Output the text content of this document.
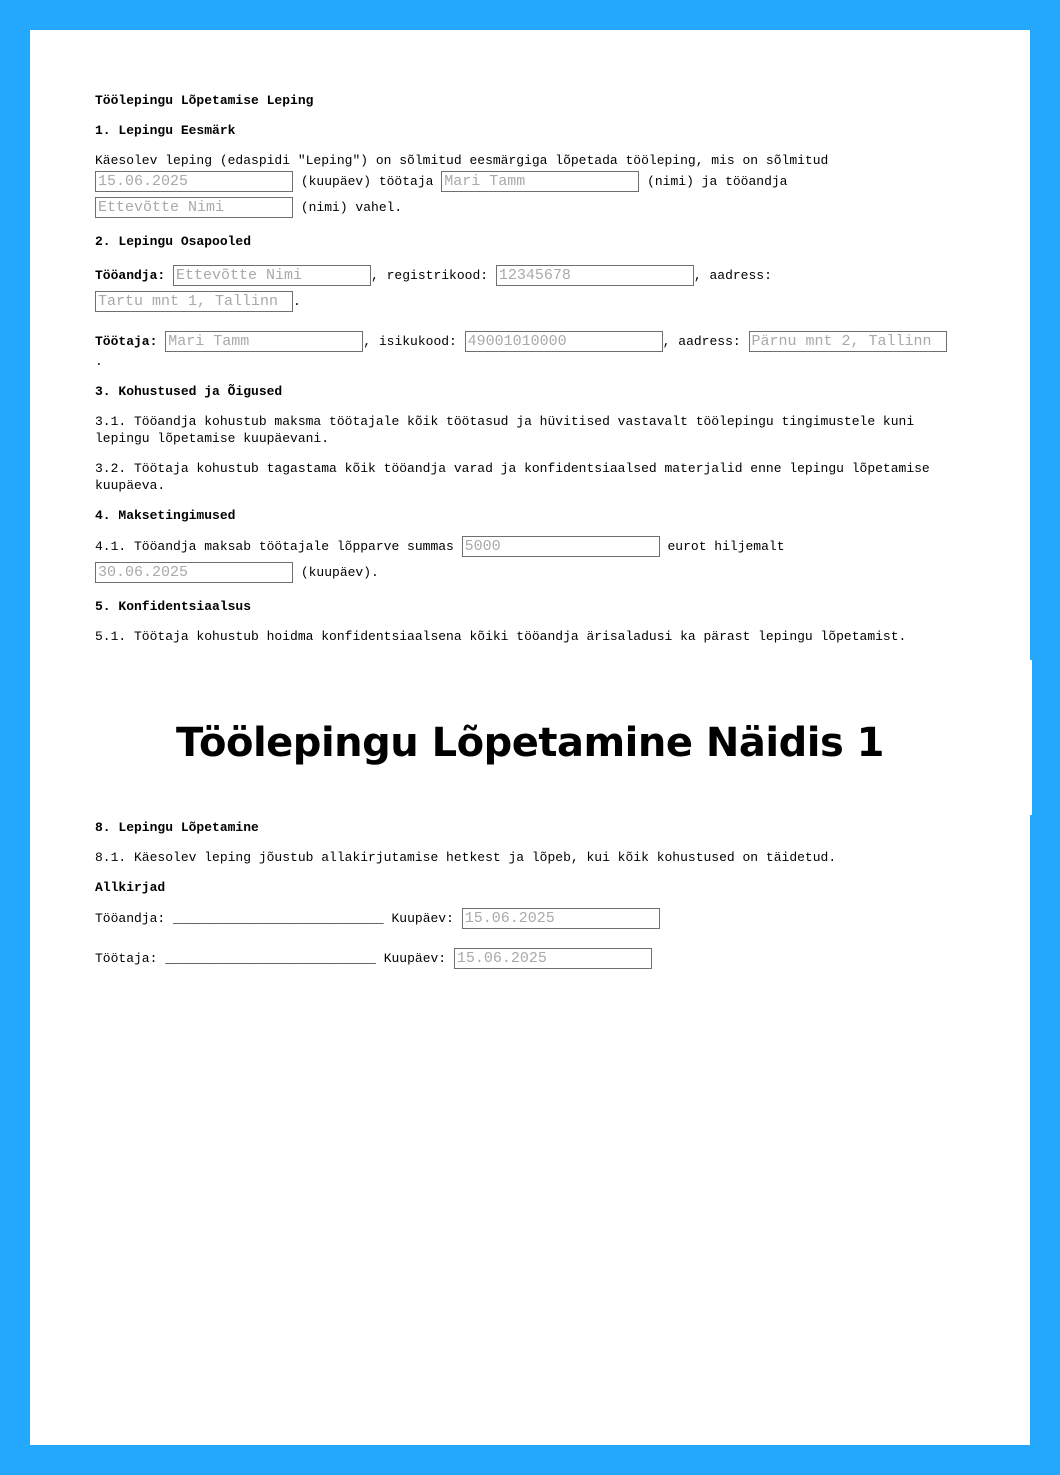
Töölepingu Lõpetamise Leping
1. Lepingu Eesmärk
Käesolev leping (edaspidi "Leping") on sõlmitud eesmärgiga lõpetada tööleping, mis on sõlmitud
15.06.2025	(kuupäev) töötaja Mari Tamm	(nimi) ja tööandja
Ettevõtte Nimi	(nimi) vahel.
2. Lepingu Osapooled
Tööandja: Ettevõtte Nimi	, registrikood: 12345678	, aadress:
Tartu mnt 1, Tallinn .
Töötaja: Mari Tamm	, isikukood: 49001010000	, aadress: Pärnu mnt 2, Tallinn
.
3. Kohustused ja Õigused
3.1. Tööandja kohustub maksma töötajale kõik töötasud ja hüvitised vastavalt töölepingu tingimustele kuni lepingu lõpetamise kuupäevani.
3.2. Töötaja kohustub tagastama kõik tööandja varad ja konfidentsiaalsed materjalid enne lepingu lõpetamise kuupäeva.
4. Maksetingimused
4.1. Tööandja maksab töötajale lõpparve summas 5000	eurot hiljemalt
30.06.2025	(kuupäev).
5. Konfidentsiaalsus
5.1. Töötaja kohustub hoidma konfidentsiaalsena kõiki tööandja ärisaladusi ka pärast lepingu lõpetamist.
Töölepingu Lõpetamine Näidis 1
8. Lepingu Lõpetamine
8.1. Käesolev leping jõustub allakirjutamise hetkest ja lõpeb, kui kõik kohustused on täidetud.
Allkirjad
Tööandja: ___________________________ Kuupäev: 15.06.2025
Töötaja: ___________________________ Kuupäev: 15.06.2025
